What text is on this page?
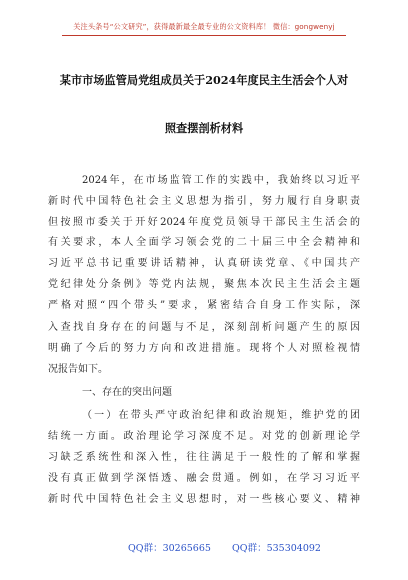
关注头条号“公文研究”，获得最新最全最专业的公文资料库！ 微信：gongwenyj
某市市场监管局党组成员关于2024年度民主生活会个人对
照查摆剖析材料
2024年，在市场监管工作的实践中，我始终以习近平
新时代中国特色社会主义思想为指引，努力履行自身职责
但按照市委关于开好2024年度党员领导干部民主生活会的
有关要求，本人全面学习领会党的二十届三中全会精神和
习近平总书记重要讲话精神，认真研读党章、《中国共产
党纪律处分条例》等党内法规，聚焦本次民主生活会主题
严格对照“四个带头”要求，紧密结合自身工作实际，深
入查找自身存在的问题与不足，深刻剖析问题产生的原因
明确了今后的努力方向和改进措施。现将个人对照检视情
况报告如下。
一、存在的突出问题
（一）在带头严守政治纪律和政治规矩，维护党的团
结统一方面。政治理论学习深度不足。对党的创新理论学
习缺乏系统性和深入性，往往满足于一般性的了解和掌握
没有真正做到学深悟透、融会贯通。例如，在学习习近平
新时代中国特色社会主义思想时，对一些核心要义、精神
QQ群：30265665 QQ群：535304092
